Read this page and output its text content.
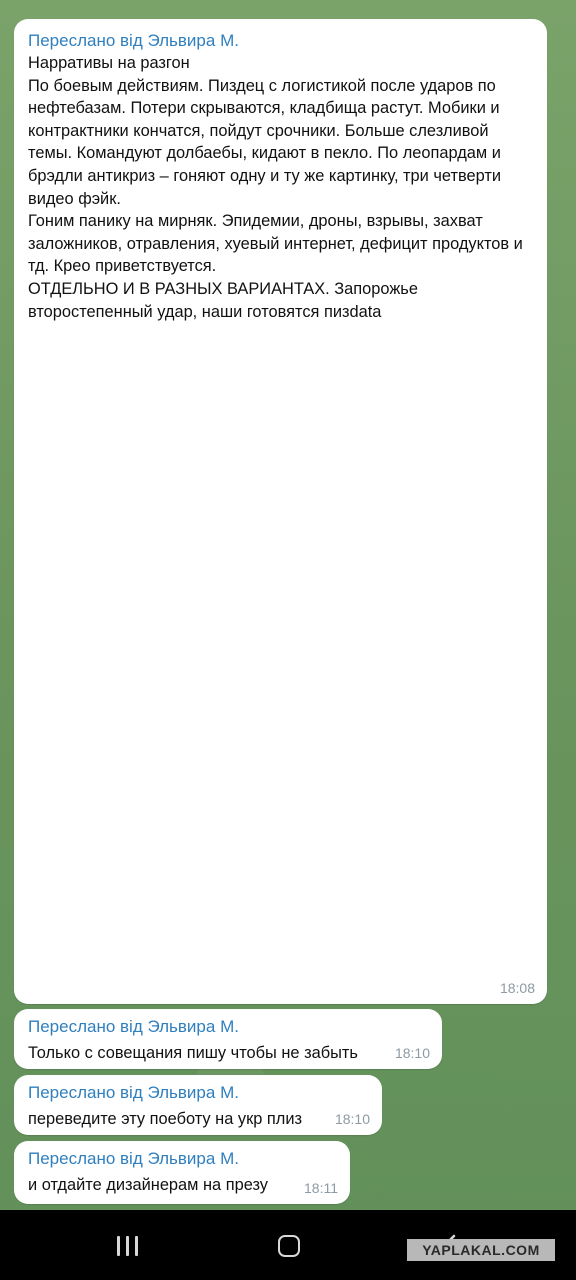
Переслано від Эльвира М.
Нарративы на разгон
По боевым действиям. Пиздец с логистикой после ударов по нефтебазам. Потери скрываются, кладбища растут. Мобики и контрактники кончатся, пойдут срочники. Больше слезливой темы. Командуют долбаебы, кидают в пекло. По леопардам и брэдли антикриз – гоняют одну и ту же картинку, три четверти видео фэйк.
Гоним панику на мирняк. Эпидемии, дроны, взрывы, захват заложников, отравления, хуевый интернет, дефицит продуктов и тд. Крео приветствуется.
ОТДЕЛЬНО И В РАЗНЫХ ВАРИАНТАХ. Запорожье второстепенный удар, наши готовятся пизdata
18:08
Переслано від Эльвира М.
Только с совещания пишу чтобы не забыть	18:10
Переслано від Эльвира М.
переведите эту поеботу на укр плиз	18:10
Переслано від Эльвира М.
и отдайте дизайнерам на презу	18:11
YAPLAKAL.COM
